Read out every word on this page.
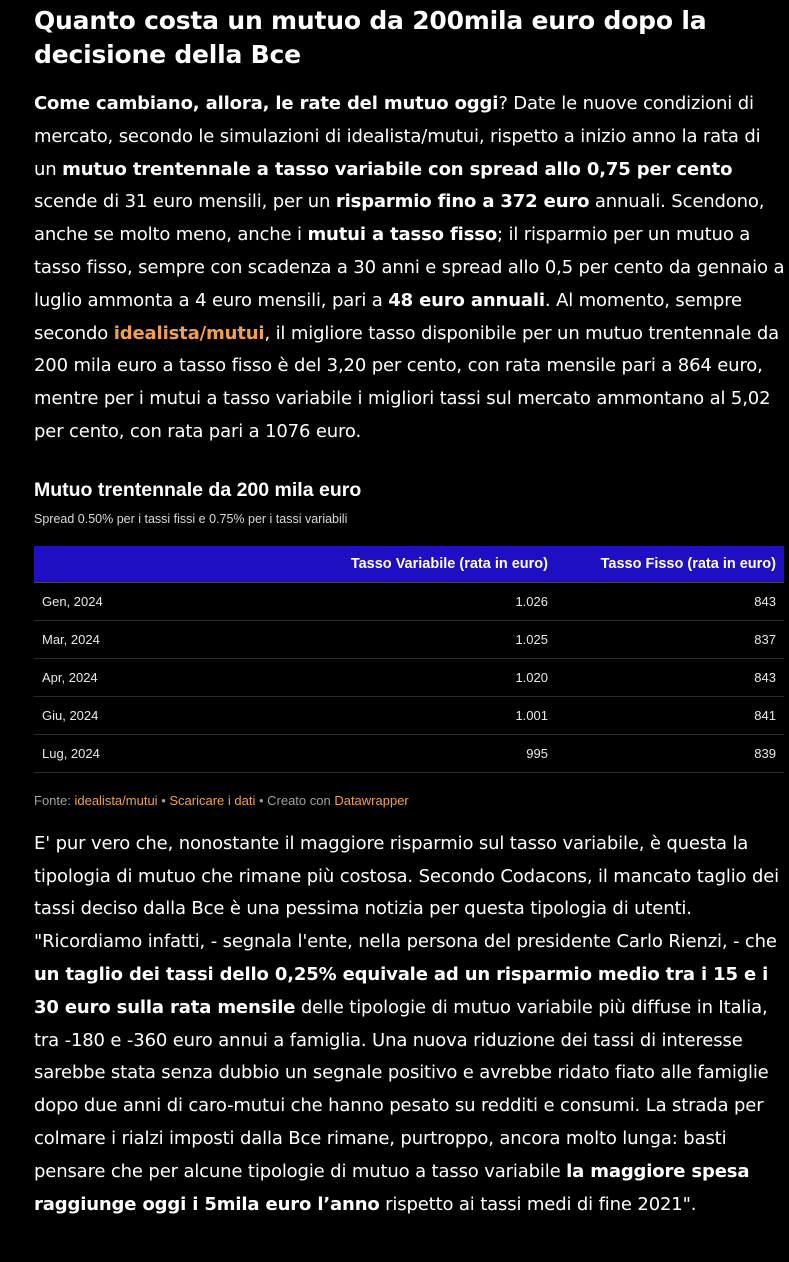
Quanto costa un mutuo da 200mila euro dopo la decisione della Bce

Come cambiano, allora, le rate del mutuo oggi? Date le nuove condizioni di mercato, secondo le simulazioni di idealista/mutui, rispetto a inizio anno la rata di un mutuo trentennale a tasso variabile con spread allo 0,75 per cento scende di 31 euro mensili, per un risparmio fino a 372 euro annuali. Scendono, anche se molto meno, anche i mutui a tasso fisso; il risparmio per un mutuo a tasso fisso, sempre con scadenza a 30 anni e spread allo 0,5 per cento da gennaio a luglio ammonta a 4 euro mensili, pari a 48 euro annuali. Al momento, sempre secondo idealista/mutui, il migliore tasso disponibile per un mutuo trentennale da 200 mila euro a tasso fisso è del 3,20 per cento, con rata mensile pari a 864 euro, mentre per i mutui a tasso variabile i migliori tassi sul mercato ammontano al 5,02 per cento, con rata pari a 1076 euro.

Mutuo trentennale da 200 mila euro
Spread 0.50% per i tassi fissi e 0.75% per i tassi variabili
	Tasso Variabile (rata in euro)	Tasso Fisso (rata in euro)
Gen, 2024	1.026	843
Mar, 2024	1.025	837
Apr, 2024	1.020	843
Giu, 2024	1.001	841
Lug, 2024	995	839
Fonte: idealista/mutui • Scaricare i dati • Creato con Datawrapper

E' pur vero che, nonostante il maggiore risparmio sul tasso variabile, è questa la tipologia di mutuo che rimane più costosa. Secondo Codacons, il mancato taglio dei tassi deciso dalla Bce è una pessima notizia per questa tipologia di utenti. "Ricordiamo infatti, - segnala l'ente, nella persona del presidente Carlo Rienzi, - che un taglio dei tassi dello 0,25% equivale ad un risparmio medio tra i 15 e i 30 euro sulla rata mensile delle tipologie di mutuo variabile più diffuse in Italia, tra -180 e -360 euro annui a famiglia. Una nuova riduzione dei tassi di interesse sarebbe stata senza dubbio un segnale positivo e avrebbe ridato fiato alle famiglie dopo due anni di caro-mutui che hanno pesato su redditi e consumi. La strada per colmare i rialzi imposti dalla Bce rimane, purtroppo, ancora molto lunga: basti pensare che per alcune tipologie di mutuo a tasso variabile la maggiore spesa raggiunge oggi i 5mila euro l’anno rispetto ai tassi medi di fine 2021".
